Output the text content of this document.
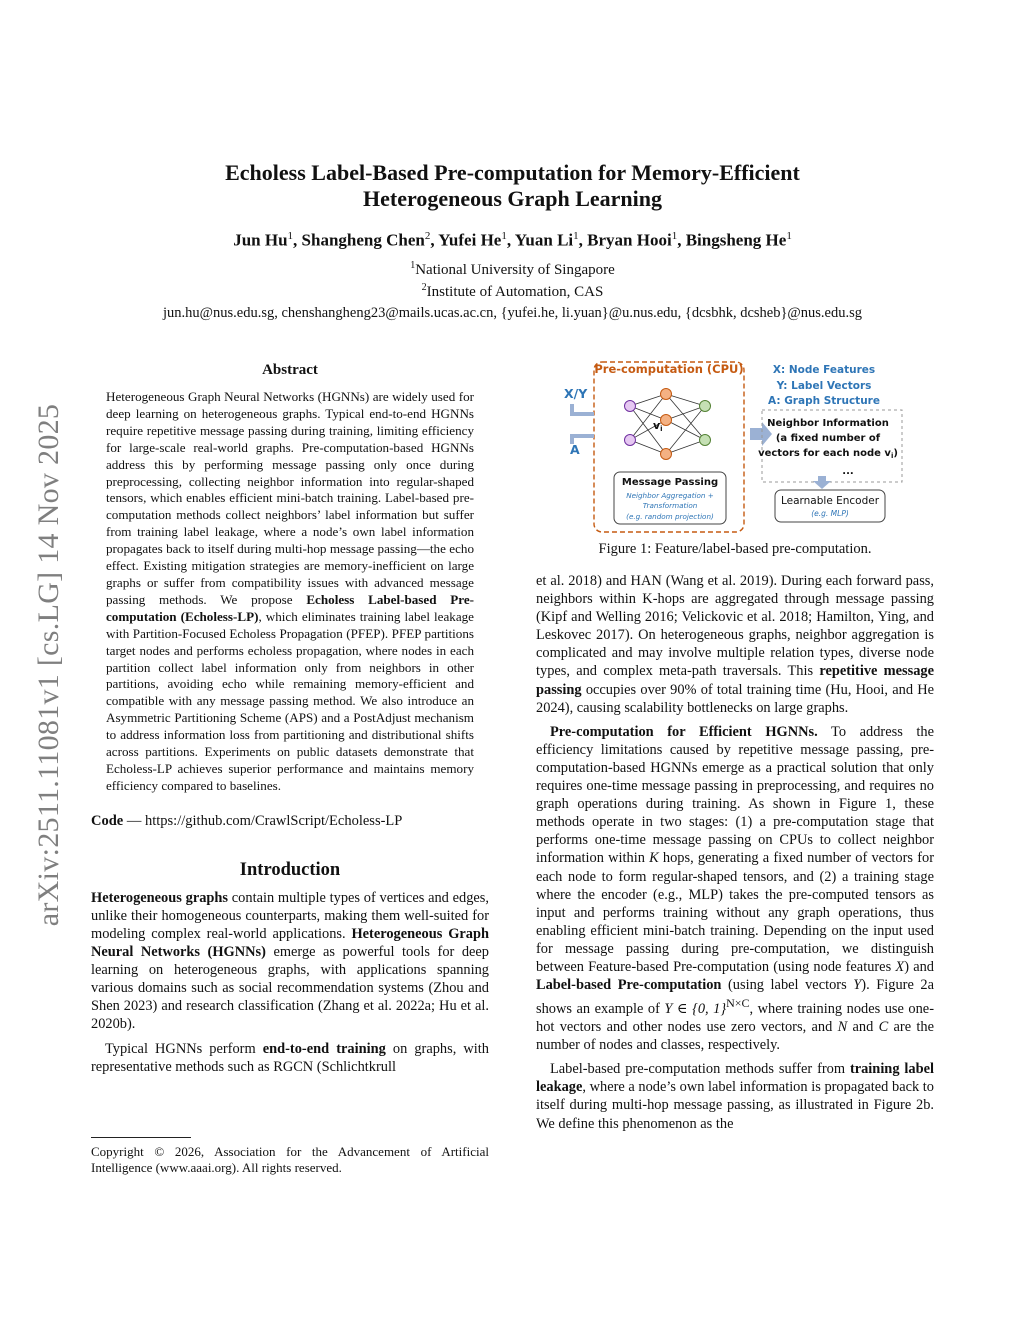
arXiv:2511.11081v1 [cs.LG] 14 Nov 2025

Echoless Label-Based Pre-computation for Memory-Efficient
Heterogeneous Graph Learning

Jun Hu$^1$, Shangheng Chen$^2$, Yufei He$^1$, Yuan Li$^1$, Bryan Hooi$^1$, Bingsheng He$^1$
$^1$National University of Singapore
$^2$Institute of Automation, CAS
jun.hu@nus.edu.sg, chenshangheng23@mails.ucas.ac.cn, {yufei.he, li.yuan}@u.nus.edu, {dcsbhk, dcsheb}@nus.edu.sg

Abstract

Heterogeneous Graph Neural Networks (HGNNs) are widely used for deep learning on heterogeneous graphs. Typical end-to-end HGNNs require repetitive message passing during training, limiting efficiency for large-scale real-world graphs. Pre-computation-based HGNNs address this by performing message passing only once during preprocessing, collecting neighbor information into regular-shaped tensors, which enables efficient mini-batch training. Label-based pre-computation methods collect neighbors’ label information but suffer from training label leakage, where a node’s own label information propagates back to itself during multi-hop message passing—the echo effect. Existing mitigation strategies are memory-inefficient on large graphs or suffer from compatibility issues with advanced message passing methods. We propose Echoless Label-based Pre-computation (Echoless-LP), which eliminates training label leakage with Partition-Focused Echoless Propagation (PFEP). PFEP partitions target nodes and performs echoless propagation, where nodes in each partition collect label information only from neighbors in other partitions, avoiding echo while remaining memory-efficient and compatible with any message passing method. We also introduce an Asymmetric Partitioning Scheme (APS) and a PostAdjust mechanism to address information loss from partitioning and distributional shifts across partitions. Experiments on public datasets demonstrate that Echoless-LP achieves superior performance and maintains memory efficiency compared to baselines.

Code — https://github.com/CrawlScript/Echoless-LP

Introduction

Heterogeneous graphs contain multiple types of vertices and edges, unlike their homogeneous counterparts, making them well-suited for modeling complex real-world applications. Heterogeneous Graph Neural Networks (HGNNs) emerge as powerful tools for deep learning on heterogeneous graphs, with applications spanning various domains such as social recommendation systems (Zhou and Shen 2023) and research classification (Zhang et al. 2022a; Hu et al. 2020b).

Typical HGNNs perform end-to-end training on graphs, with representative methods such as RGCN (Schlichtkrull

Copyright © 2026, Association for the Advancement of Artificial Intelligence (www.aaai.org). All rights reserved.

Pre-computation (CPU)
X/Y
A
vi
Message Passing
Neighbor Aggregation +
Transformation
(e.g. random projection)
X: Node Features
Y: Label Vectors
A: Graph Structure
Neighbor Information
(a fixed number of
vectors for each node $v_i$)
...
Learnable Encoder
(e.g. MLP)
Figure 1: Feature/label-based pre-computation.

et al. 2018) and HAN (Wang et al. 2019). During each forward pass, neighbors within K-hops are aggregated through message passing (Kipf and Welling 2016; Velickovic et al. 2018; Hamilton, Ying, and Leskovec 2017). On heterogeneous graphs, neighbor aggregation is complicated and may involve multiple relation types, diverse node types, and complex meta-path traversals. This repetitive message passing occupies over 90% of total training time (Hu, Hooi, and He 2024), causing scalability bottlenecks on large graphs.

Pre-computation for Efficient HGNNs. To address the efficiency limitations caused by repetitive message passing, pre-computation-based HGNNs emerge as a practical solution that only requires one-time message passing in preprocessing, and requires no graph operations during training. As shown in Figure 1, these methods operate in two stages: (1) a pre-computation stage that performs one-time message passing on CPUs to collect neighbor information within K hops, generating a fixed number of vectors for each node to form regular-shaped tensors, and (2) a training stage where the encoder (e.g., MLP) takes the pre-computed tensors as input and performs training without any graph operations, thus enabling efficient mini-batch training. Depending on the input used for message passing during pre-computation, we distinguish between Feature-based Pre-computation (using node features X) and Label-based Pre-computation (using label vectors Y). Figure 2a shows an example of Y ∈ {0, 1}$^{N\times C}$, where training nodes use one-hot vectors and other nodes use zero vectors, and N and C are the number of nodes and classes, respectively.

Label-based pre-computation methods suffer from training label leakage, where a node’s own label information is propagated back to itself during multi-hop message passing, as illustrated in Figure 2b. We define this phenomenon as the
